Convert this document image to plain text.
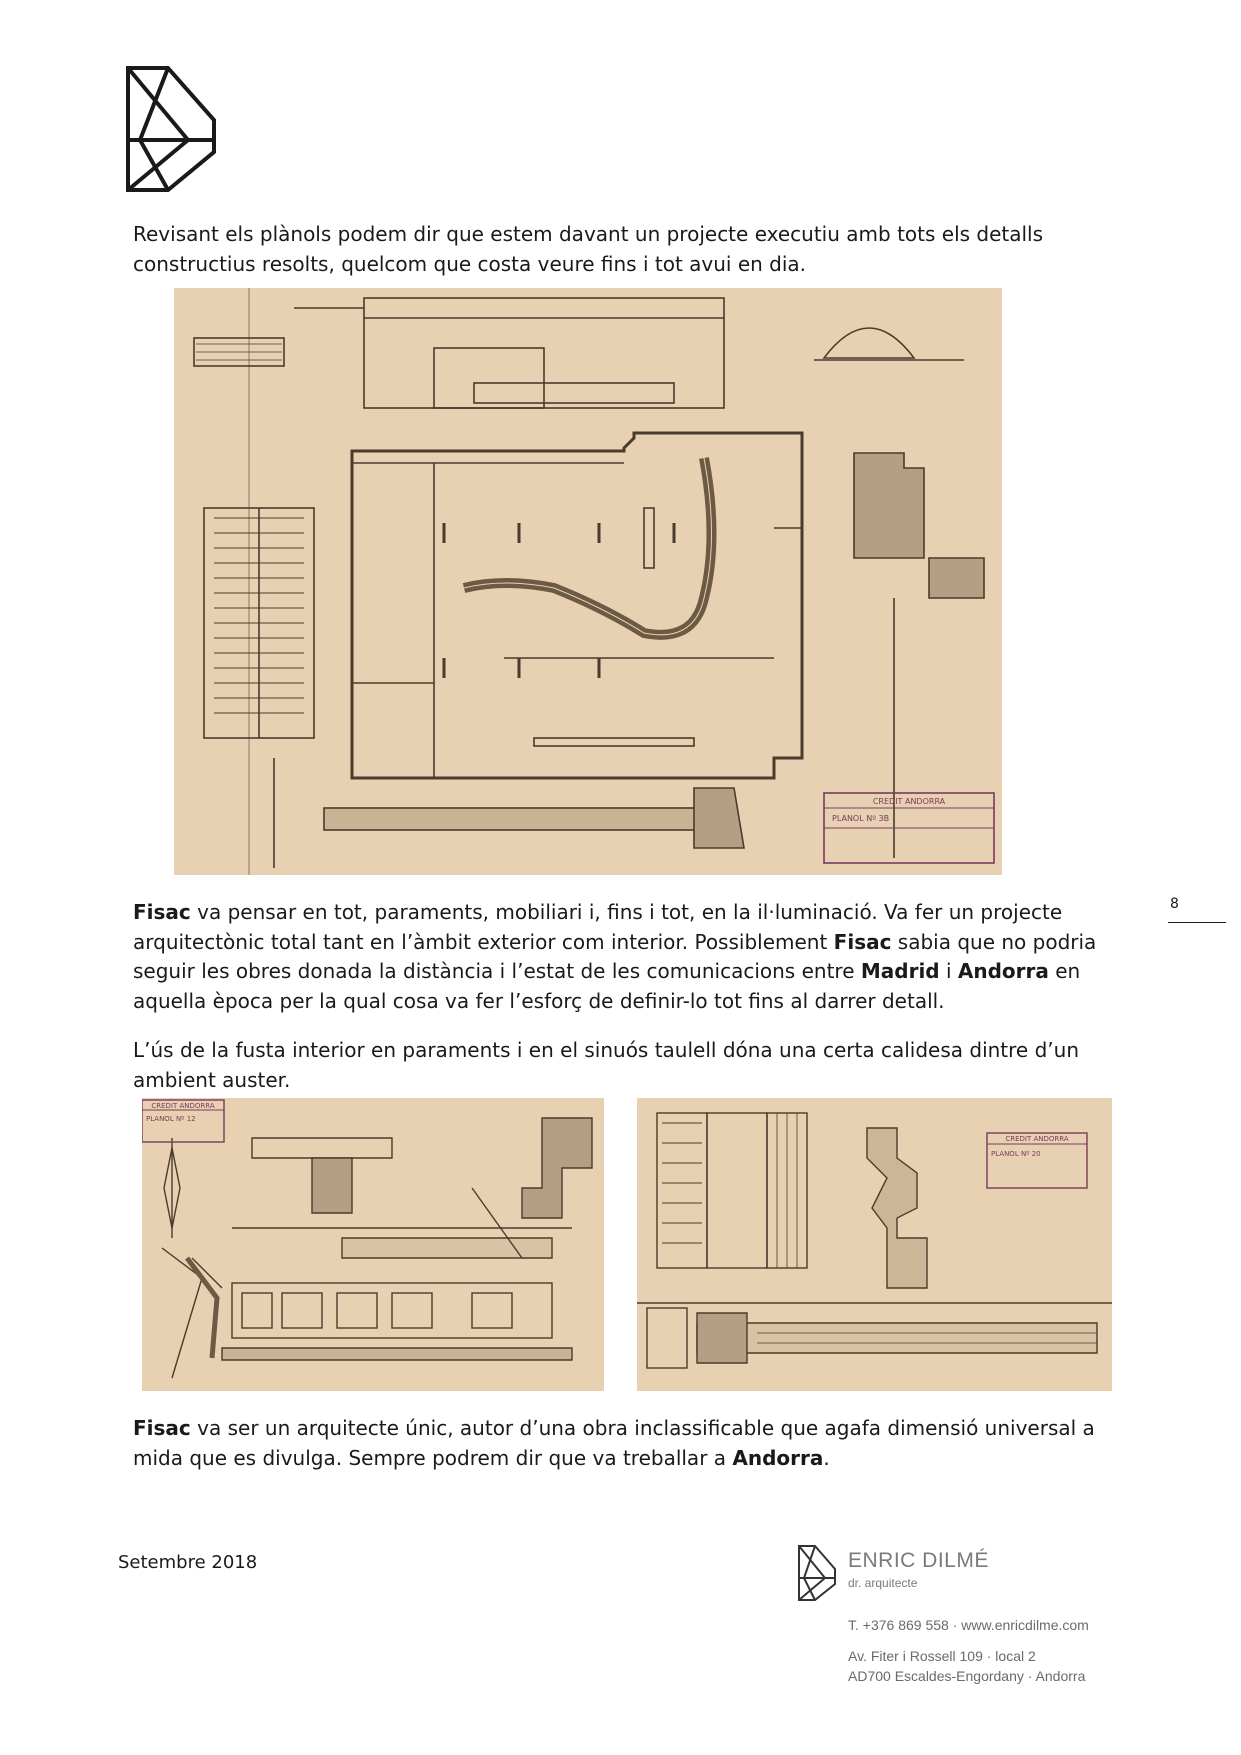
Revisant els plànols podem dir que estem davant un projecte executiu amb tots els detalls constructius resolts, quelcom que costa veure fins i tot avui en dia.

CREDIT ANDORRA
PLANOL Nº 3B
8

Fisac va pensar en tot, paraments, mobiliari i, fins i tot, en la il·luminació. Va fer un projecte arquitectònic total tant en l’àmbit exterior com interior. Possiblement Fisac sabia que no podria seguir les obres donada la distància i l’estat de les comunicacions entre Madrid i Andorra en aquella època per la qual cosa va fer l’esforç de definir-lo tot fins al darrer detall.

L’ús de la fusta interior en paraments i en el sinuós taulell dóna una certa calidesa dintre d’un ambient auster.

CREDIT ANDORRA
PLANOL Nº 12
CREDIT ANDORRA
PLANOL Nº 20

Fisac va ser un arquitecte únic, autor d’una obra inclassificable que agafa dimensió universal a mida que es divulga. Sempre podrem dir que va treballar a Andorra.

Setembre 2018	ENRIC DILMÉ
dr. arquitecte
T. +376 869 558 · www.enricdilme.com
Av. Fiter i Rossell 109 · local 2
AD700 Escaldes-Engordany · Andorra
